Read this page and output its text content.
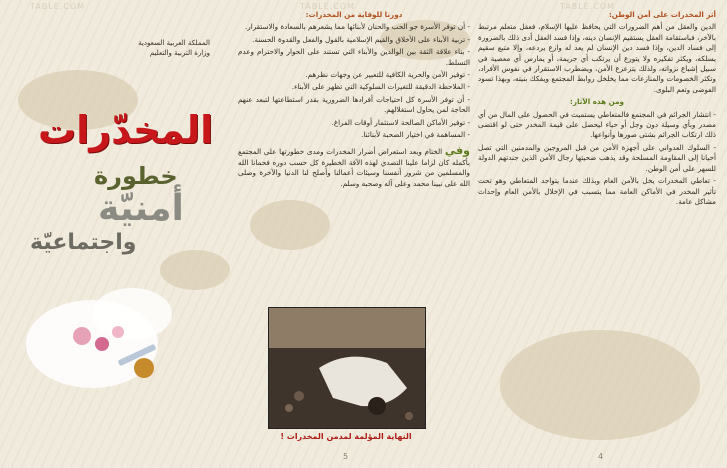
TABLE.COM	TABLE.COM	TABLE.COM
المملكة العربية السعودية
وزارة التربية والتعليم
المخدّرات
خطورة
أمنيّة
واجتماعيّة

أثر المخدرات على أمن الوطن:

الدين والعقل من أهم الضرورات التي يحافظ عليها الإسلام، فعقل متعلم مرتبط بالآخر، فباستقامة العقل يستقيم الإنسان دينه، وإذا فسد العقل أدى ذلك بالضرورة إلى فساد الدين، وإذا فسد دين الإنسان لم يعد له وازع يردعه، وإلا متبع سقيم يسلكه، ويكثر تفكيره ولا يتورع أن يرتكب أي جريمة، أو يمارس أي معصية في سبيل إشباع نزواته، ولذلك يتزعزع الأمن، ويضطرب الاستقرار في نفوس الأفراد، وتكثر الخصومات والمنازعات مما يخلخل روابط المجتمع ويفكك بنيته، وبهذا تسود الفوضى وتعم البلوى.

ومن هذه الآثار:

- انتشار الجرائم في المجتمع فالمتعاطي يستميت في الحصول على المال من أي مصدر وبأي وسيلة دون وجل أو حياء ليحصل على قيمة المخدر حتى لو اقتضى ذلك ارتكاب الجرائم بشتى صورها وأنواعها.

- السلوك العدواني على أجهزة الأمن من قبل المروجين والمدمنين التي تصل أحيانا إلى المقاومة المسلحة وقد يذهب ضحيتها رجال الأمن الذين جندتهم الدولة للسهر على أمن الوطن.

- تعاطي المخدرات يخل بالأمن العام وبذلك عندما يتواجد المتعاطي وهو تحت تأثير المخدر في الأماكن العامة مما يتسبب في الإخلال بالأمن العام وإحداث مشاكل عامة.

دورنا للوقاية من المخدرات:

- أن توفر الأسرة جو الحب والحنان لأبنائها مما يشعرهم بالسعادة والاستقرار.

- تربية الأبناء على الأخلاق والقيم الإسلامية بالقول والفعل والقدوة الحسنة.

- بناء علاقة الثقة بين الوالدين والأبناء التي تستند على الحوار والاحترام وعدم التسلط.

- توفير الأمن والحرية الكافية للتعبير عن وجهات نظرهم.

- الملاحظة الدقيقة للتغيرات السلوكية التي تظهر على الأبناء.

- أن توفر الأسرة كل احتياجات أفرادها الضرورية بقدر استطاعتها لتبعد عنهم الحاجة لمن يحاول استغلالهم.

- توفير الأماكن الصالحة لاستثمار أوقات الفراغ.

- المساهمة في اختيار الصحبة لأبنائنا.

وفي الختام وبعد استعراض أضرار المخدرات ومدى خطورتها على المجتمع بأكمله كان لزاما علينا التصدي لهذه الآفة الخطيرة كل حسب دوره فحمانا الله والمسلمين من شرور أنفسنا وسيئات أعمالنا وأصلح لنا الدنيا والآخرة وصلى الله على نبينا محمد وعلى آله وصحبه وسلم.

النهاية المؤلمة لمدمن المخدرات !
5	4
